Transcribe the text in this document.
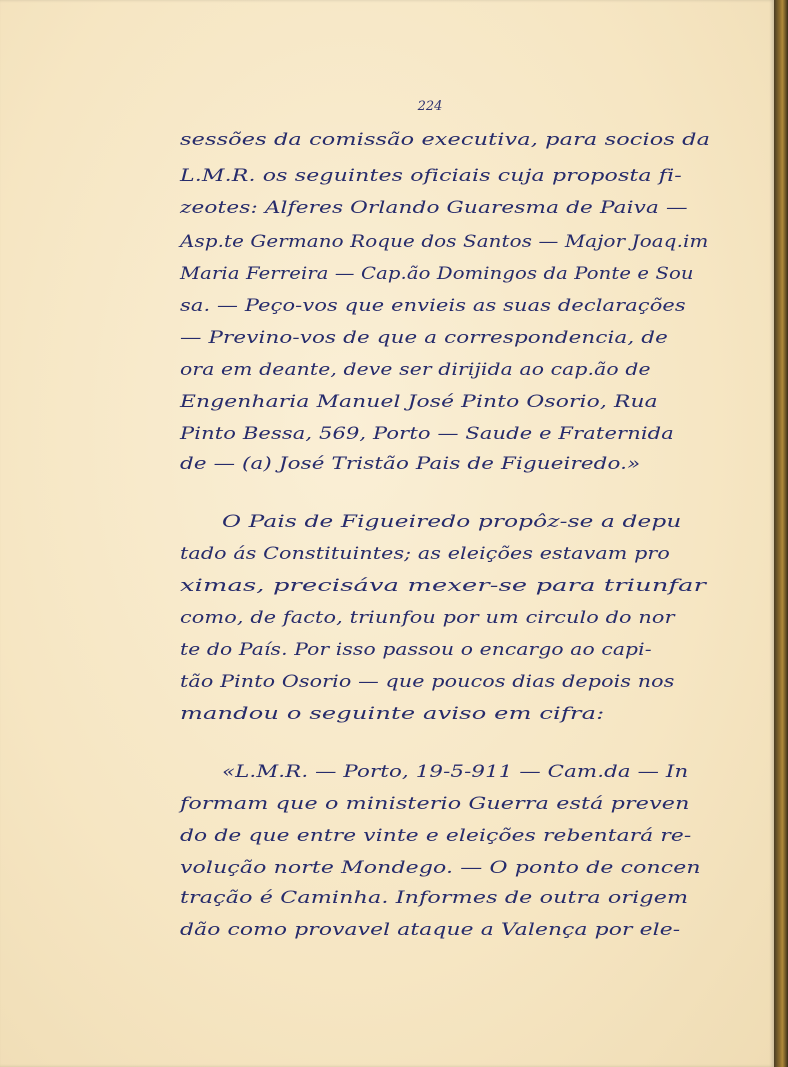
224
sessões da comissão executiva, para socios da
L.M.R. os seguintes oficiais cuja proposta fi-
zeotes: Alferes Orlando Guaresma de Paiva —
Asp.te Germano Roque dos Santos — Major Joaq.im
Maria Ferreira — Cap.ão Domingos da Ponte e Sou
sa. — Peço-vos que envieis as suas declarações
— Previno-vos de que a correspondencia, de
ora em deante, deve ser dirijida ao cap.ão de
Engenharia Manuel José Pinto Osorio, Rua
Pinto Bessa, 569, Porto — Saude e Fraternida
de — (a) José Tristão Pais de Figueiredo.»
O Pais de Figueiredo propôz-se a depu
tado ás Constituintes; as eleições estavam pro
ximas, precisáva mexer-se para triunfar
como, de facto, triunfou por um circulo do nor
te do País. Por isso passou o encargo ao capi-
tão Pinto Osorio — que poucos dias depois nos
mandou o seguinte aviso em cifra:
«L.M.R. — Porto, 19-5-911 — Cam.da — In
formam que o ministerio Guerra está preven
do de que entre vinte e eleições rebentará re-
volução norte Mondego. — O ponto de concen
tração é Caminha. Informes de outra origem
dão como provavel ataque a Valença por ele-
